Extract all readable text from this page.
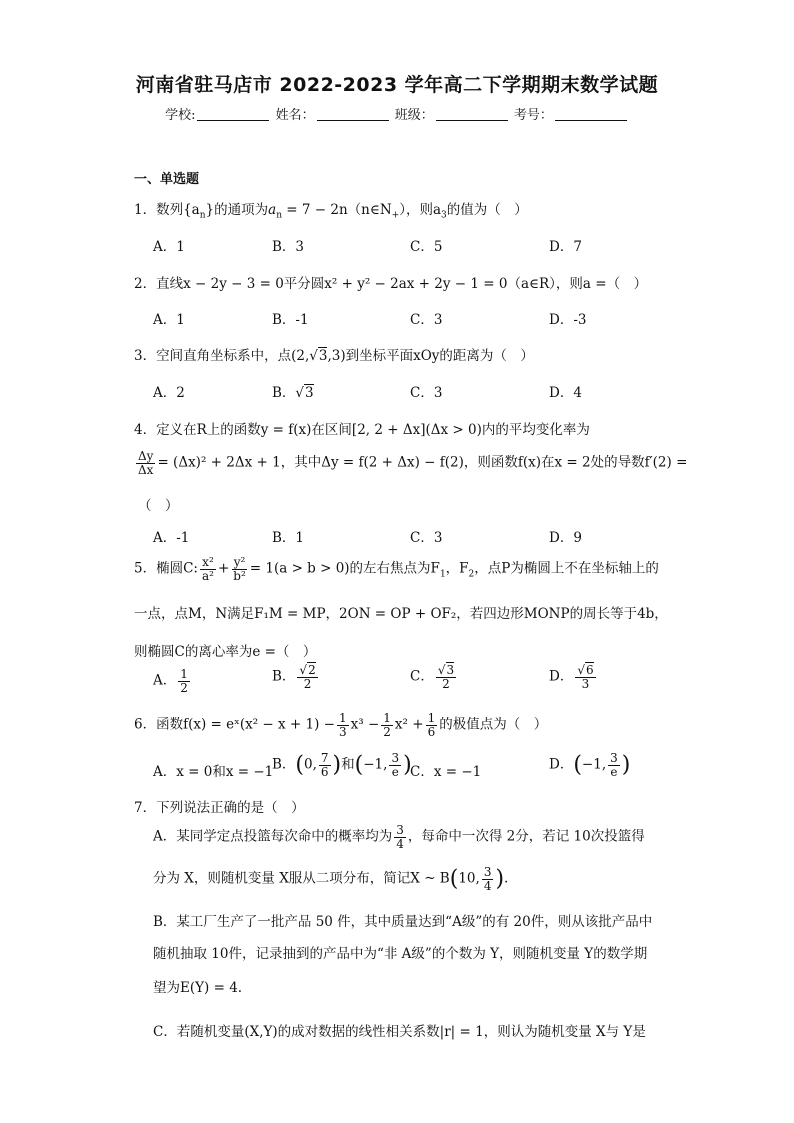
河南省驻马店市 2022-2023 学年高二下学期期末数学试题
学校:	姓名：	班级：	考号：
一、单选题
1．数列$\{a_n\}$的通项为$a_n = 7$ − $2n(n\in N_+)$，则$a_3$的值为（　）
A．1	B．3	C．5	D．7
2．直线x − 2y − 3 = 0平分圆x² + y² − 2ax + 2y − 1 = 0（a∈R），则a =（　）
A．1	B．-1	C．3	D．-3
3．空间直角坐标系中，点(2,√3,3)到坐标平面xOy的距离为（　）
A．2	B．√3	C．3	D．4
4．定义在R上的函数y = f(x)在区间[2, 2 + Δx](Δx > 0)内的平均变化率为
$\frac{\Delta y}{\Delta x} = (\Delta x)^2 + 2\Delta x + 1$，其中Δy = f(2 + Δx) − f(2)，则函数f(x)在x = 2处的导数f′(2) =
（　）
A．-1	B．1	C．3	D．9
5．椭圆C: $\frac{\text{x²}}{\text{a²}} + \frac{\text{y²}}{\text{b²}} = 1(a > b > 0)$的左右焦点为$F_1$，$F_2$，点P为椭圆上不在坐标轴上的
一点，点M，N满足F₁M = MP，2ON = OP + OF₂，若四边形MONP的周长等于4b，
则椭圆C的离心率为e =（　）
A． $\frac{1}{2}$	B． $\frac{√2}{2}$	C． $\frac{√3}{2}$	D． $\frac{√6}{3}$
6．函数f(x) = eˣ(x² − $x + 1) - \frac{1}{3} x^3 - \frac{1}{2} x^2 + \frac{1}{6}$ 的极值点为（　）
A．x = 0和x = −1
B．(0, $\frac{7}{6}$ )和(−1, $\frac{3}{e}$ )
C．x = −1	D．(−1, $\frac{3}{e}$ )
7．下列说法正确的是（　）
A．某同学定点投篮每次命中的概率均为 $\frac{3}{4}$ ，每命中一次得 2分，若记 10次投篮得
分为 X，则随机变量 X服从二项分布，简记X ~ B(10, $\frac{3}{4}$ ).
B．某工厂生产了一批产品 50 件，其中质量达到“A级”的有 20件，则从该批产品中
随机抽取 10件，记录抽到的产品中为“非 A级”的个数为 Y，则随机变量 Y的数学期
望为E(Y) = 4.
C．若随机变量(X,Y)的成对数据的线性相关系数|r| = 1，则认为随机变量 X与 Y是
